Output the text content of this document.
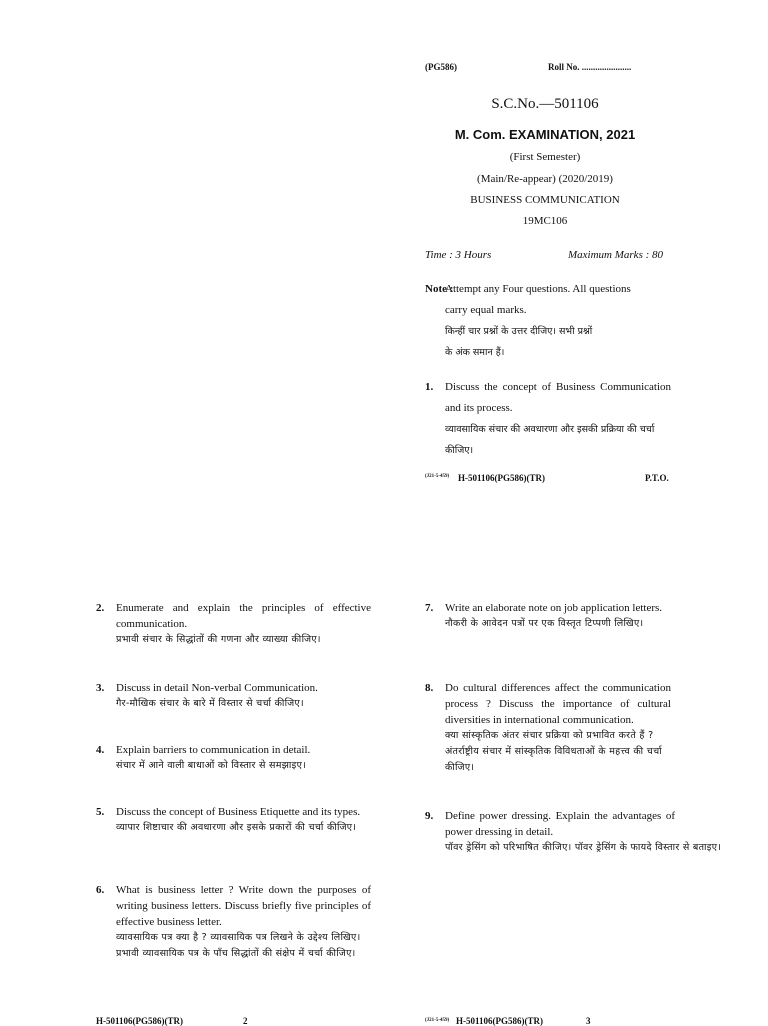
(PG586)	Roll No. ......................
S.C.No.—501106
M. Com. EXAMINATION, 2021
(First Semester)
(Main/Re-appear) (2020/2019)
BUSINESS COMMUNICATION
19MC106
Time : 3 Hours	Maximum Marks : 80
Note :
Attempt any Four questions. All questions
carry equal marks.
किन्हीं चार प्रश्नों के उत्तर दीजिए। सभी प्रश्नों
के अंक समान हैं।
1. Discuss the concept of Business Communication and its process.
व्यावसायिक संचार की अवधारणा और इसकी प्रक्रिया की चर्चा कीजिए।
(J21-5-459) H-501106(PG586)(TR)	P.T.O.
2. Enumerate and explain the principles of effective communication.
प्रभावी संचार के सिद्धांतों की गणना और व्याख्या कीजिए।
3. Discuss in detail Non-verbal Communication.
गैर-मौखिक संचार के बारे में विस्तार से चर्चा कीजिए।
4. Explain barriers to communication in detail.
संचार में आने वाली बाधाओं को विस्तार से समझाइए।
5. Discuss the concept of Business Etiquette and its types.
व्यापार शिष्टाचार की अवधारणा और इसके प्रकारों की चर्चा कीजिए।
6. What is business letter ? Write down the purposes of writing business letters. Discuss briefly five principles of effective business letter.
व्यावसायिक पत्र क्या है ? व्यावसायिक पत्र लिखने के उद्देश्य लिखिए। प्रभावी व्यावसायिक पत्र के पाँच सिद्धांतों की संक्षेप में चर्चा कीजिए।
H-501106(PG586)(TR)	2
7. Write an elaborate note on job application letters.
नौकरी के आवेदन पत्रों पर एक विस्तृत टिप्पणी लिखिए।
8. Do cultural differences affect the communication process ? Discuss the importance of cultural diversities in international communication.
क्या सांस्कृतिक अंतर संचार प्रक्रिया को प्रभावित करते हैं ? अंतर्राष्ट्रीय संचार में सांस्कृतिक विविधताओं के महत्त्व की चर्चा कीजिए।
9. Define power dressing. Explain the advantages of power dressing in detail.
पॉवर ड्रेसिंग को परिभाषित कीजिए। पॉवर ड्रेसिंग के फायदे विस्तार से बताइए।
(J21-5-459) H-501106(PG586)(TR)	3
